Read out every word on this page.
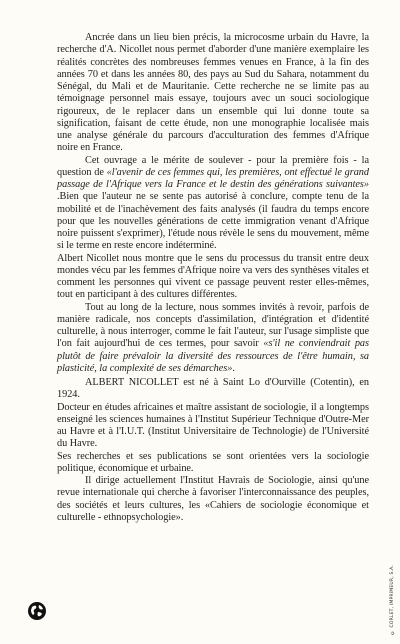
Ancrée dans un lieu bien précis, la microcosme urbain du Havre, la recherche d'A. Nicollet nous permet d'aborder d'une manière exemplaire les réalités concrètes des nombreuses femmes venues en France, à la fin des années 70 et dans les années 80, des pays au Sud du Sahara, notamment du Sénégal, du Mali et de Mauritanie. Cette recherche ne se limite pas au témoignage personnel mais essaye, toujours avec un souci sociologique rigoureux, de le replacer dans un ensemble qui lui donne toute sa signification, faisant de cette étude, non une monographie localisée mais une analyse générale du parcours d'acculturation des femmes d'Afrique noire en France.

Cet ouvrage a le mérite de soulever - pour la première fois - la question de «l'avenir de ces femmes qui, les premières, ont effectué le grand passage de l'Afrique vers la France et le destin des générations suivantes» .Bien que l'auteur ne se sente pas autorisé à conclure, compte tenu de la mobilité et de l'inachèvement des faits analysés (il faudra du temps encore pour que les nouvelles générations de cette immigration venant d'Afrique noire puissent s'exprimer), l'étude nous révèle le sens du mouvement, même si le terme en reste encore indéterminé.

Albert Nicollet nous montre que le sens du processus du transit entre deux mondes vécu par les femmes d'Afrique noire va vers des synthèses vitales et comment les personnes qui vivent ce passage peuvent rester elles-mêmes, tout en participant à des cultures différentes.

Tout au long de la lecture, nous sommes invités à revoir, parfois de manière radicale, nos concepts d'assimilation, d'intégration et d'identité culturelle, à nous interroger, comme le fait l'auteur, sur l'usage simpliste que l'on fait aujourd'hui de ces termes, pour savoir «s'il ne conviendrait pas plutôt de faire prévaloir la diversité des ressources de l'être humain, sa plasticité, la complexité de ses démarches».

ALBERT NICOLLET est né à Saint Lo d'Ourville (Cotentin), en 1924.

Docteur en études africaines et maître assistant de sociologie, il a longtemps enseigné les sciences humaines à l'Institut Supérieur Technique d'Outre-Mer au Havre et à l'I.U.T. (Institut Universitaire de Technologie) de l'Université du Havre.

Ses recherches et ses publications se sont orientées vers la sociologie politique, économique et urbaine.

Il dirige actuellement l'Institut Havrais de Sociologie, ainsi qu'une revue internationale qui cherche à favoriser l'interconnaissance des peuples, des sociétés et leurs cultures, les «Cahiers de sociologie économique et culturelle - ethnopsychologie».

© CORLET, IMPRIMEUR, S.A.
